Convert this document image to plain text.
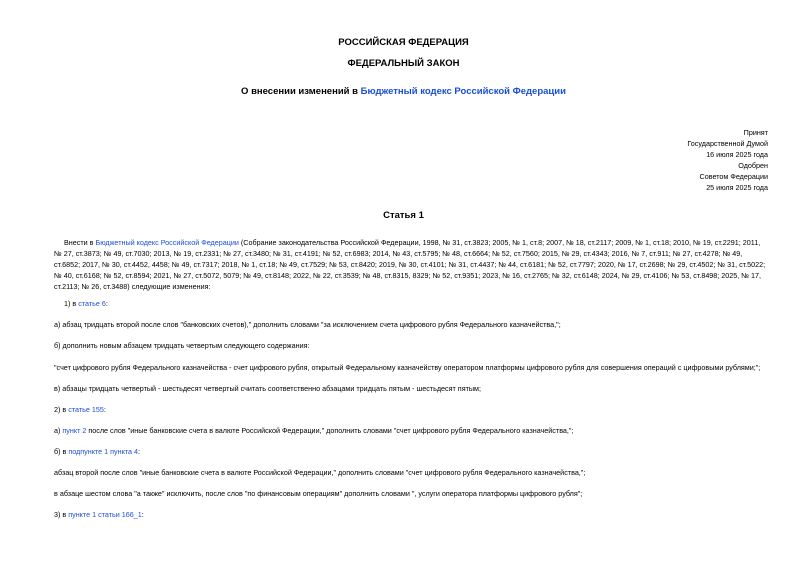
РОССИЙСКАЯ ФЕДЕРАЦИЯ
ФЕДЕРАЛЬНЫЙ ЗАКОН
О внесении изменений в Бюджетный кодекс Российской Федерации
Принят
Государственной Думой
16 июля 2025 года
Одобрен
Советом Федерации
25 июля 2025 года
Статья 1
Внести в Бюджетный кодекс Российской Федерации (Собрание законодательства Российской Федерации, 1998, № 31, ст.3823; 2005, № 1, ст.8; 2007, № 18, ст.2117; 2009, № 1, ст.18; 2010, № 19, ст.2291; 2011, № 27, ст.3873; № 49, ст.7030; 2013, № 19, ст.2331; № 27, ст.3480; № 31, ст.4191; № 52, ст.6983; 2014, № 43, ст.5795; № 48, ст.6664; № 52, ст.7560; 2015, № 29, ст.4343; 2016, № 7, ст.911; № 27, ст.4278; № 49, ст.6852; 2017, № 30, ст.4452, 4458; № 49, ст.7317; 2018, № 1, ст.18; № 49, ст.7529; № 53, ст.8420; 2019, № 30, ст.4101; № 31, ст.4437; № 44, ст.6181; № 52, ст.7797; 2020, № 17, ст.2698; № 29, ст.4502; № 31, ст.5022; № 40, ст.6168; № 52, ст.8594; 2021, № 27, ст.5072, 5079; № 49, ст.8148; 2022, № 22, ст.3539; № 48, ст.8315, 8329; № 52, ст.9351; 2023, № 16, ст.2765; № 32, ст.6148; 2024, № 29, ст.4106; № 53, ст.8498; 2025, № 17, ст.2113; № 26, ст.3488) следующие изменения:
1) в статье 6:
а) абзац тридцать второй после слов "банковских счетов)," дополнить словами "за исключением счета цифрового рубля Федерального казначейства,";
б) дополнить новым абзацем тридцать четвертым следующего содержания:
"счет цифрового рубля Федерального казначейства - счет цифрового рубля, открытый Федеральному казначейству оператором платформы цифрового рубля для совершения операций с цифровыми рублями;";
в) абзацы тридцать четвертый - шестьдесят четвертый считать соответственно абзацами тридцать пятым - шестьдесят пятым;
2) в статье 155:
а) пункт 2 после слов "иные банковские счета в валюте Российской Федерации," дополнить словами "счет цифрового рубля Федерального казначейства,";
б) в подпункте 1 пункта 4:
абзац второй после слов "иные банковские счета в валюте Российской Федерации," дополнить словами "счет цифрового рубля Федерального казначейства,";
в абзаце шестом слова "а также" исключить, после слов "по финансовым операциям" дополнить словами ", услуги оператора платформы цифрового рубля";
3) в пункте 1 статьи 166_1:
